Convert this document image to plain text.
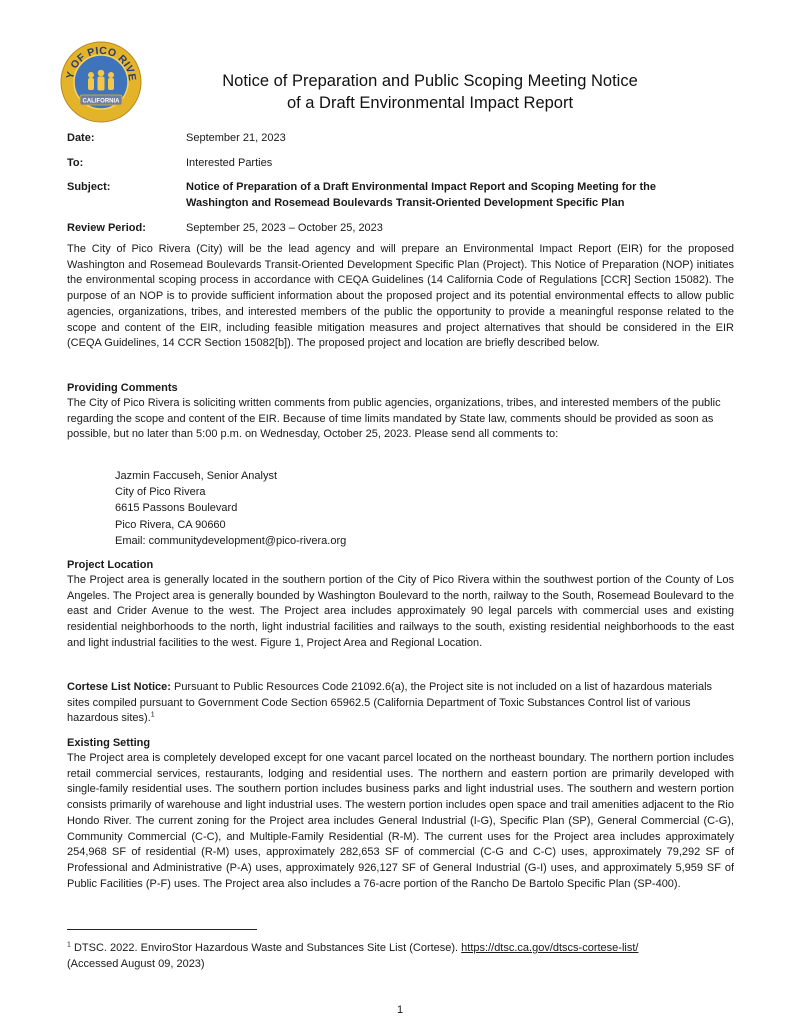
Y OF PICO RIVE
CALIFORNIA
Notice of Preparation and Public Scoping Meeting Notice
of a Draft Environmental Impact Report
Date:	September 21, 2023
To:	Interested Parties
Subject:	Notice of Preparation of a Draft Environmental Impact Report and Scoping Meeting for the
Washington and Rosemead Boulevards Transit-Oriented Development Specific Plan
Review Period:	September 25, 2023 – October 25, 2023
The City of Pico Rivera (City) will be the lead agency and will prepare an Environmental Impact Report (EIR) for the proposed Washington and Rosemead Boulevards Transit-Oriented Development Specific Plan (Project). This Notice of Preparation (NOP) initiates the environmental scoping process in accordance with CEQA Guidelines (14 California Code of Regulations [CCR] Section 15082). The purpose of an NOP is to provide sufficient information about the proposed project and its potential environmental effects to allow public agencies, organizations, tribes, and interested members of the public the opportunity to provide a meaningful response related to the scope and content of the EIR, including feasible mitigation measures and project alternatives that should be considered in the EIR (CEQA Guidelines, 14 CCR Section 15082[b]). The proposed project and location are briefly described below.
Providing Comments
The City of Pico Rivera is soliciting written comments from public agencies, organizations, tribes, and interested members of the public regarding the scope and content of the EIR. Because of time limits mandated by State law, comments should be provided as soon as possible, but no later than 5:00 p.m. on Wednesday, October 25, 2023. Please send all comments to:
Jazmin Faccuseh, Senior Analyst
City of Pico Rivera
6615 Passons Boulevard
Pico Rivera, CA 90660
Email: communitydevelopment@pico-rivera.org
Project Location
The Project area is generally located in the southern portion of the City of Pico Rivera within the southwest portion of the County of Los Angeles. The Project area is generally bounded by Washington Boulevard to the north, railway to the South, Rosemead Boulevard to the east and Crider Avenue to the west. The Project area includes approximately 90 legal parcels with commercial uses and existing residential neighborhoods to the north, light industrial facilities and railways to the south, existing residential neighborhoods to the east and light industrial facilities to the west. Figure 1, Project Area and Regional Location.
Cortese List Notice: Pursuant to Public Resources Code 21092.6(a), the Project site is not included on a list of hazardous materials sites compiled pursuant to Government Code Section 65962.5 (California Department of Toxic Substances Control list of various hazardous sites).$^1$
Existing Setting
The Project area is completely developed except for one vacant parcel located on the northeast boundary. The northern portion includes retail commercial services, restaurants, lodging and residential uses. The northern and eastern portion are primarily developed with single-family residential uses. The southern portion includes business parks and light industrial uses. The southern and western portion consists primarily of warehouse and light industrial uses. The western portion includes open space and trail amenities adjacent to the Rio Hondo River. The current zoning for the Project area includes General Industrial (I-G), Specific Plan (SP), General Commercial (C-G), Community Commercial (C-C), and Multiple-Family Residential (R-M). The current uses for the Project area includes approximately 254,968 SF of residential (R-M) uses, approximately 282,653 SF of commercial (C-G and C-C) uses, approximately 79,292 SF of Professional and Administrative (P-A) uses, approximately 926,127 SF of General Industrial (G-I) uses, and approximately 5,959 SF of Public Facilities (P-F) uses. The Project area also includes a 76-acre portion of the Rancho De Bartolo Specific Plan (SP-400).
$^1$ DTSC. 2022. EnviroStor Hazardous Waste and Substances Site List (Cortese). https://dtsc.ca.gov/dtscs-cortese-list/
(Accessed August 09, 2023)
1
